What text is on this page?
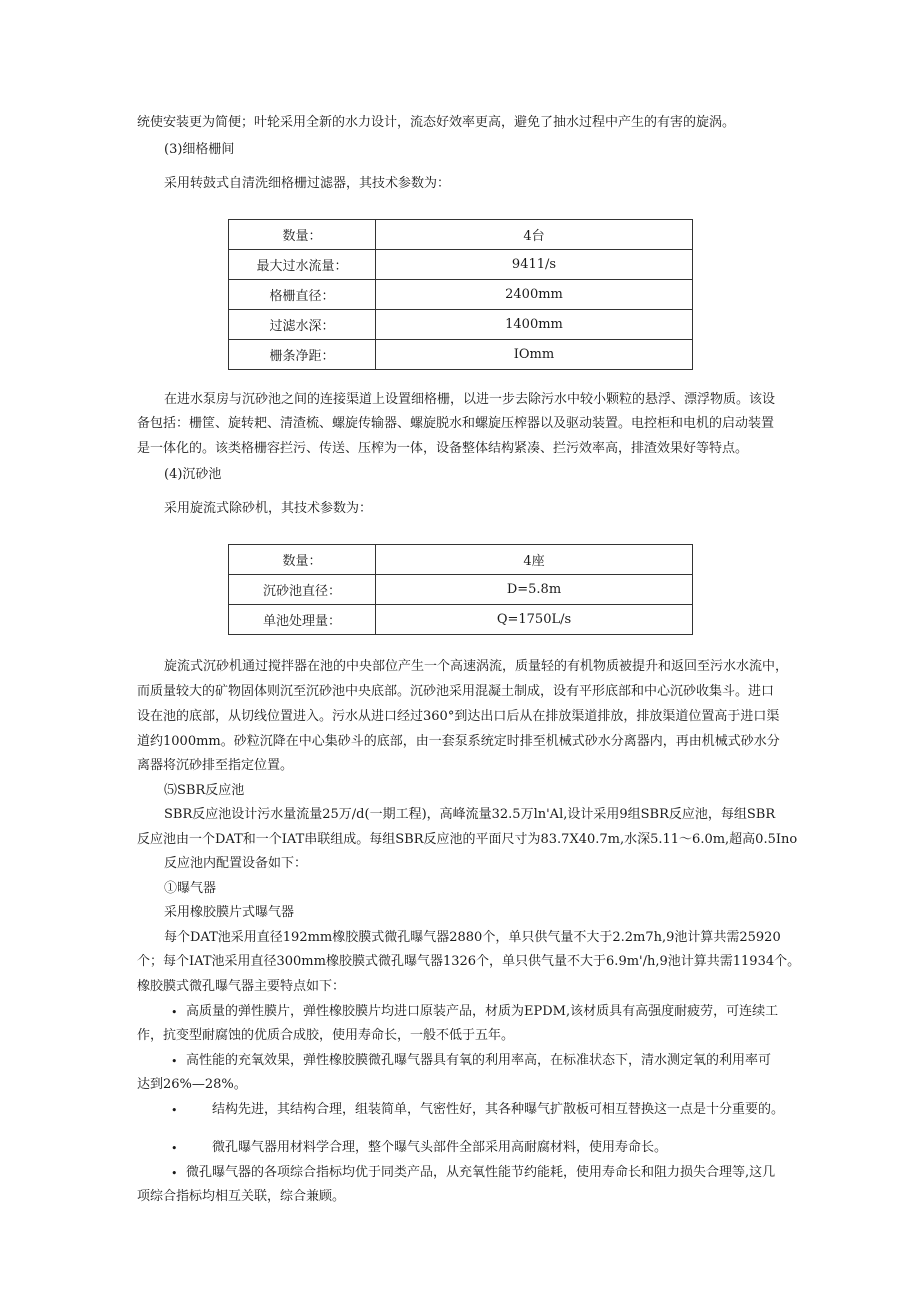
统使安装更为简便；叶轮采用全新的水力设计，流态好效率更高，避免了抽水过程中产生的有害的旋涡。
(3)细格栅间
采用转鼓式自清洗细格栅过滤器，其技术参数为：
数量：	4台
最大过水流量：	9411/s
格栅直径：	2400mm
过滤水深：	1400mm
栅条净距：	IOmm
在进水泵房与沉砂池之间的连接渠道上设置细格栅，以进一步去除污水中较小颗粒的悬浮、漂浮物质。该设
备包括：栅筐、旋转耙、清渣梳、螺旋传输器、螺旋脱水和螺旋压榨器以及驱动装置。电控柜和电机的启动装置
是一体化的。该类格栅容拦污、传送、压榨为一体，设备整体结构紧凑、拦污效率高，排渣效果好等特点。
(4)沉砂池
采用旋流式除砂机，其技术参数为：
数量：	4座
沉砂池直径：	D=5.8m
单池处理量：	Q=1750L/s
旋流式沉砂机通过搅拌器在池的中央部位产生一个高速涡流，质量轻的有机物质被提升和返回至污水水流中，
而质量较大的矿物固体则沉至沉砂池中央底部。沉砂池采用混凝土制成，设有平形底部和中心沉砂收集斗。进口
设在池的底部，从切线位置进入。污水从进口经过360°到达出口后从在排放渠道排放，排放渠道位置高于进口渠
道约1000mm。砂粒沉降在中心集砂斗的底部，由一套泵系统定时排至机械式砂水分离器内，再由机械式砂水分
离器将沉砂排至指定位置。
⑸SBR反应池
SBR反应池设计污水量流量25万/d(一期工程)，高峰流量32.5万ln'Al,设计采用9组SBR反应池，每组SBR
反应池由一个DAT和一个IAT串联组成。每组SBR反应池的平面尺寸为83.7X40.7m,水深5.11～6.0m,超高0.5Ino
反应池内配置设备如下：
①曝气器
采用橡胶膜片式曝气器
每个DAT池采用直径192mm橡胶膜式微孔曝气器2880个，单只供气量不大于2.2m7h,9池计算共需25920
个；每个IAT池采用直径300mm橡胶膜式微孔曝气器1326个，单只供气量不大于6.9m'/h,9池计算共需11934个。
橡胶膜式微孔曝气器主要特点如下：
• 高质量的弹性膜片，弹性橡胶膜片均进口原装产品，材质为EPDM,该材质具有高强度耐疲劳，可连续工
作，抗变型耐腐蚀的优质合成胶，使用寿命长，一般不低于五年。
• 高性能的充氧效果，弹性橡胶膜微孔曝气器具有氧的利用率高，在标准状态下，清水测定氧的利用率可
达到26%—28%。
•	结构先进，其结构合理，组装简单，气密性好，其各种曝气扩散板可相互替换这一点是十分重要的。
•	微孔曝气器用材料学合理，整个曝气头部件全部采用高耐腐材料，使用寿命长。
• 微孔曝气器的各项综合指标均优于同类产品，从充氧性能节约能耗，使用寿命长和阻力损失合理等,这几
项综合指标均相互关联，综合兼顾。
